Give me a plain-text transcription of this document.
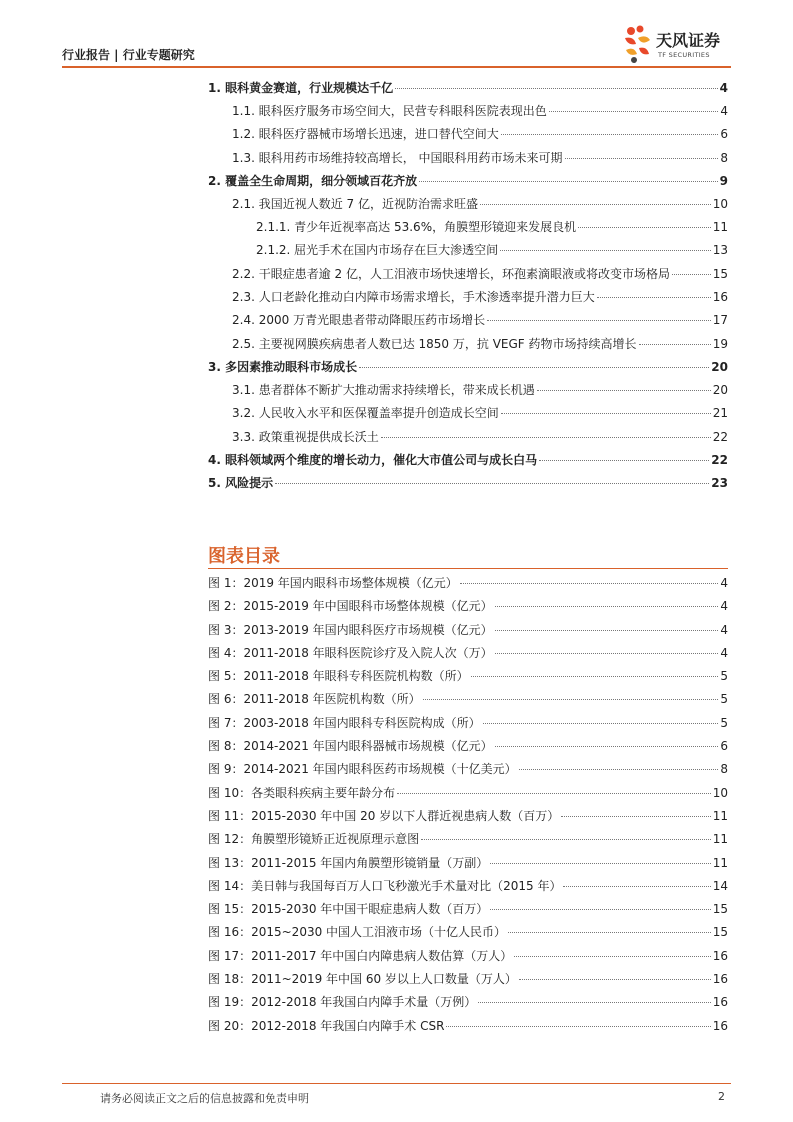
行业报告 | 行业专题研究
天风证券
TF SECURITIES
1. 眼科黄金赛道，行业规模达千亿	4
1.1. 眼科医疗服务市场空间大，民营专科眼科医院表现出色	4
1.2. 眼科医疗器械市场增长迅速，进口替代空间大	6
1.3. 眼科用药市场维持较高增长， 中国眼科用药市场未来可期	8
2. 覆盖全生命周期，细分领域百花齐放	9
2.1. 我国近视人数近 7 亿，近视防治需求旺盛	10
2.1.1. 青少年近视率高达 53.6%，角膜塑形镜迎来发展良机	11
2.1.2. 屈光手术在国内市场存在巨大渗透空间	13
2.2. 干眼症患者逾 2 亿，人工泪液市场快速增长，环孢素滴眼液或将改变市场格局	15
2.3. 人口老龄化推动白内障市场需求增长，手术渗透率提升潜力巨大	16
2.4. 2000 万青光眼患者带动降眼压药市场增长	17
2.5. 主要视网膜疾病患者人数已达 1850 万，抗 VEGF 药物市场持续高增长	19
3. 多因素推动眼科市场成长	20
3.1. 患者群体不断扩大推动需求持续增长，带来成长机遇	20
3.2. 人民收入水平和医保覆盖率提升创造成长空间	21
3.3. 政策重视提供成长沃土	22
4. 眼科领域两个维度的增长动力，催化大市值公司与成长白马	22
5. 风险提示	23
图表目录
图 1：2019 年国内眼科市场整体规模（亿元）	4
图 2：2015-2019 年中国眼科市场整体规模（亿元）	4
图 3：2013-2019 年国内眼科医疗市场规模（亿元）	4
图 4：2011-2018 年眼科医院诊疗及入院人次（万）	4
图 5：2011-2018 年眼科专科医院机构数（所）	5
图 6：2011-2018 年医院机构数（所）	5
图 7：2003-2018 年国内眼科专科医院构成（所）	5
图 8：2014-2021 年国内眼科器械市场规模（亿元）	6
图 9：2014-2021 年国内眼科医药市场规模（十亿美元）	8
图 10：各类眼科疾病主要年龄分布	10
图 11：2015-2030 年中国 20 岁以下人群近视患病人数（百万）	11
图 12：角膜塑形镜矫正近视原理示意图	11
图 13：2011-2015 年国内角膜塑形镜销量（万副）	11
图 14：美日韩与我国每百万人口飞秒激光手术量对比（2015 年）	14
图 15：2015-2030 年中国干眼症患病人数（百万）	15
图 16：2015~2030 中国人工泪液市场（十亿人民币）	15
图 17：2011-2017 年中国白内障患病人数估算（万人）	16
图 18：2011~2019 年中国 60 岁以上人口数量（万人）	16
图 19：2012-2018 年我国白内障手术量（万例）	16
图 20：2012-2018 年我国白内障手术 CSR	16
请务必阅读正文之后的信息披露和免责申明	2
